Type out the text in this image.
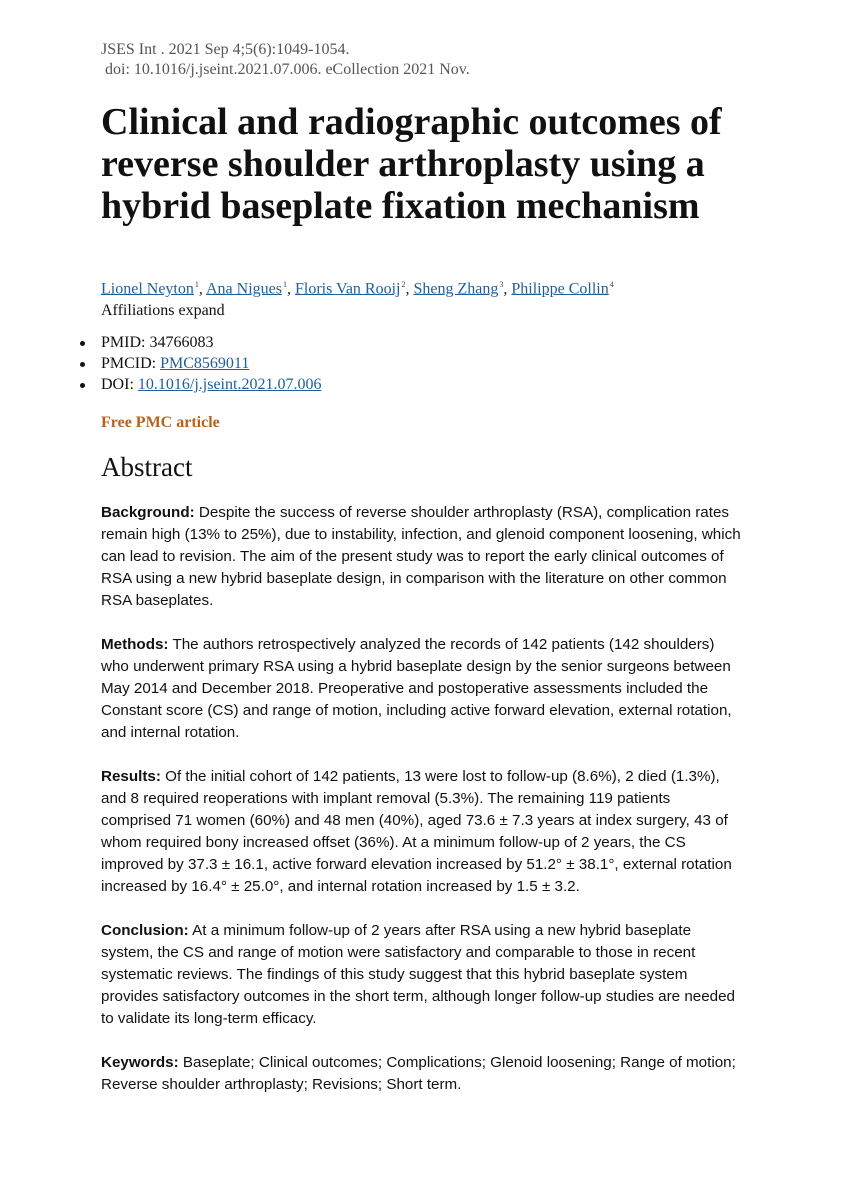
JSES Int . 2021 Sep 4;5(6):1049-1054.
doi: 10.1016/j.jseint.2021.07.006. eCollection 2021 Nov.
Clinical and radiographic outcomes of reverse shoulder arthroplasty using a hybrid baseplate fixation mechanism
Lionel Neyton$^1$, Ana Nigues$^1$, Floris Van Rooij$^2$, Sheng Zhang$^3$, Philippe Collin$^4$
Affiliations expand
PMID: 34766083
PMCID: PMC8569011
DOI: 10.1016/j.jseint.2021.07.006
Free PMC article
Abstract

Background: Despite the success of reverse shoulder arthroplasty (RSA), complication rates remain high (13% to 25%), due to instability, infection, and glenoid component loosening, which can lead to revision. The aim of the present study was to report the early clinical outcomes of RSA using a new hybrid baseplate design, in comparison with the literature on other common RSA baseplates.

Methods: The authors retrospectively analyzed the records of 142 patients (142 shoulders) who underwent primary RSA using a hybrid baseplate design by the senior surgeons between May 2014 and December 2018. Preoperative and postoperative assessments included the Constant score (CS) and range of motion, including active forward elevation, external rotation, and internal rotation.

Results: Of the initial cohort of 142 patients, 13 were lost to follow-up (8.6%), 2 died (1.3%), and 8 required reoperations with implant removal (5.3%). The remaining 119 patients comprised 71 women (60%) and 48 men (40%), aged 73.6 ± 7.3 years at index surgery, 43 of whom required bony increased offset (36%). At a minimum follow-up of 2 years, the CS improved by 37.3 ± 16.1, active forward elevation increased by 51.2° ± 38.1°, external rotation increased by 16.4° ± 25.0°, and internal rotation increased by 1.5 ± 3.2.

Conclusion: At a minimum follow-up of 2 years after RSA using a new hybrid baseplate system, the CS and range of motion were satisfactory and comparable to those in recent systematic reviews. The findings of this study suggest that this hybrid baseplate system provides satisfactory outcomes in the short term, although longer follow-up studies are needed to validate its long-term efficacy.

Keywords: Baseplate; Clinical outcomes; Complications; Glenoid loosening; Range of motion; Reverse shoulder arthroplasty; Revisions; Short term.
